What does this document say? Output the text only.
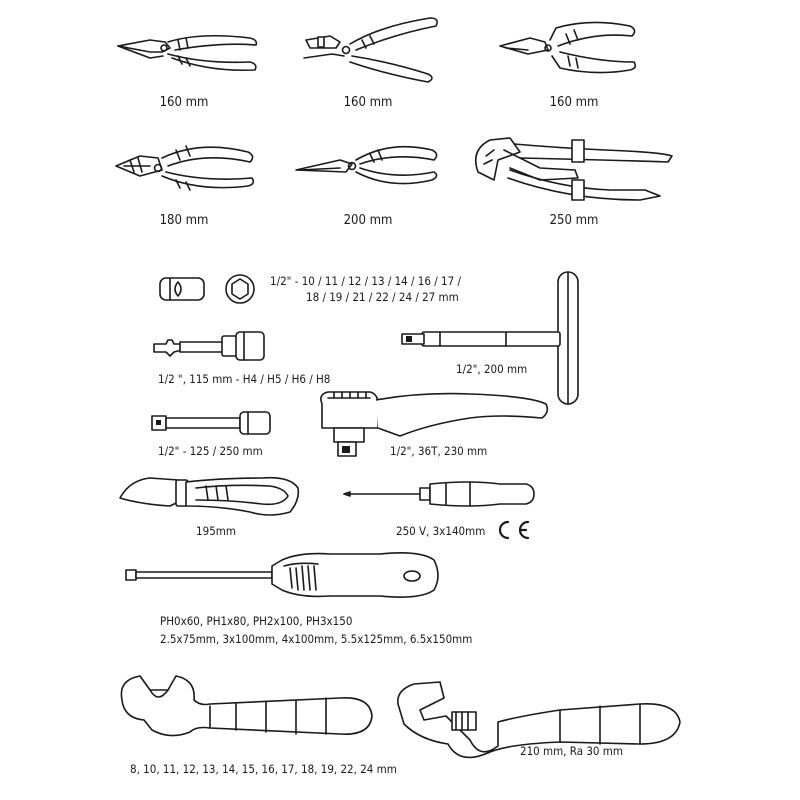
160 mm	160 mm	160 mm
180 mm	200 mm	250 mm
1/2" - 10 / 11 / 12 / 13 / 14 / 16 / 17 /
18 / 19 / 21 / 22 / 24 / 27 mm
1/2 ", 115 mm - H4 / H5 / H6 / H8
1/2", 200 mm
1/2" - 125 / 250 mm	1/2", 36T, 230 mm
195mm	250 V, 3x140mm
PH0x60, PH1x80, PH2x100, PH3x150
2.5x75mm, 3x100mm, 4x100mm, 5.5x125mm, 6.5x150mm
8, 10, 11, 12, 13, 14, 15, 16, 17, 18, 19, 22, 24 mm
210 mm, Ra 30 mm
